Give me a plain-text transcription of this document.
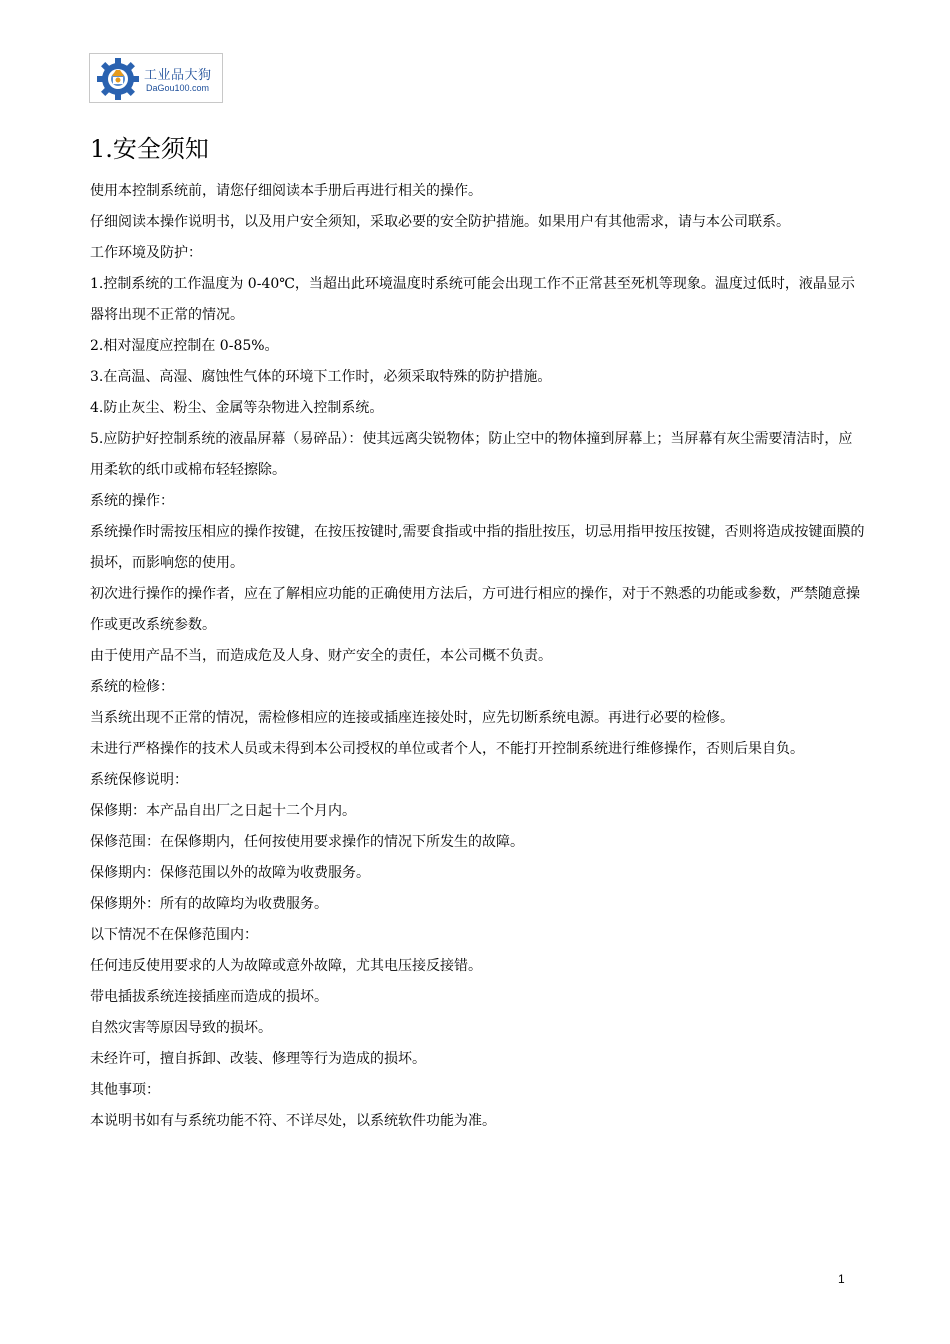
工业品大狗
DaGou100.com
1.安全须知

使用本控制系统前，请您仔细阅读本手册后再进行相关的操作。

仔细阅读本操作说明书，以及用户安全须知，采取必要的安全防护措施。如果用户有其他需求，请与本公司联系。

工作环境及防护：

1.控制系统的工作温度为 0-40℃，当超出此环境温度时系统可能会出现工作不正常甚至死机等现象。温度过低时，液晶显示器将出现不正常的情况。

2.相对湿度应控制在 0-85%。

3.在高温、高湿、腐蚀性气体的环境下工作时，必须采取特殊的防护措施。

4.防止灰尘、粉尘、金属等杂物进入控制系统。

5.应防护好控制系统的液晶屏幕（易碎品）：使其远离尖锐物体；防止空中的物体撞到屏幕上；当屏幕有灰尘需要清洁时，应用柔软的纸巾或棉布轻轻擦除。

系统的操作：

系统操作时需按压相应的操作按键，在按压按键时,需要食指或中指的指肚按压，切忌用指甲按压按键，否则将造成按键面膜的损坏，而影响您的使用。

初次进行操作的操作者，应在了解相应功能的正确使用方法后，方可进行相应的操作，对于不熟悉的功能或参数，严禁随意操作或更改系统参数。

由于使用产品不当，而造成危及人身、财产安全的责任，本公司概不负责。

系统的检修：

当系统出现不正常的情况，需检修相应的连接或插座连接处时，应先切断系统电源。再进行必要的检修。

未进行严格操作的技术人员或未得到本公司授权的单位或者个人，不能打开控制系统进行维修操作，否则后果自负。

系统保修说明：

保修期：本产品自出厂之日起十二个月内。

保修范围：在保修期内，任何按使用要求操作的情况下所发生的故障。

保修期内：保修范围以外的故障为收费服务。

保修期外：所有的故障均为收费服务。

以下情况不在保修范围内：

任何违反使用要求的人为故障或意外故障，尤其电压接反接错。

带电插拔系统连接插座而造成的损坏。

自然灾害等原因导致的损坏。

未经许可，擅自拆卸、改装、修理等行为造成的损坏。

其他事项：

本说明书如有与系统功能不符、不详尽处，以系统软件功能为准。

1
